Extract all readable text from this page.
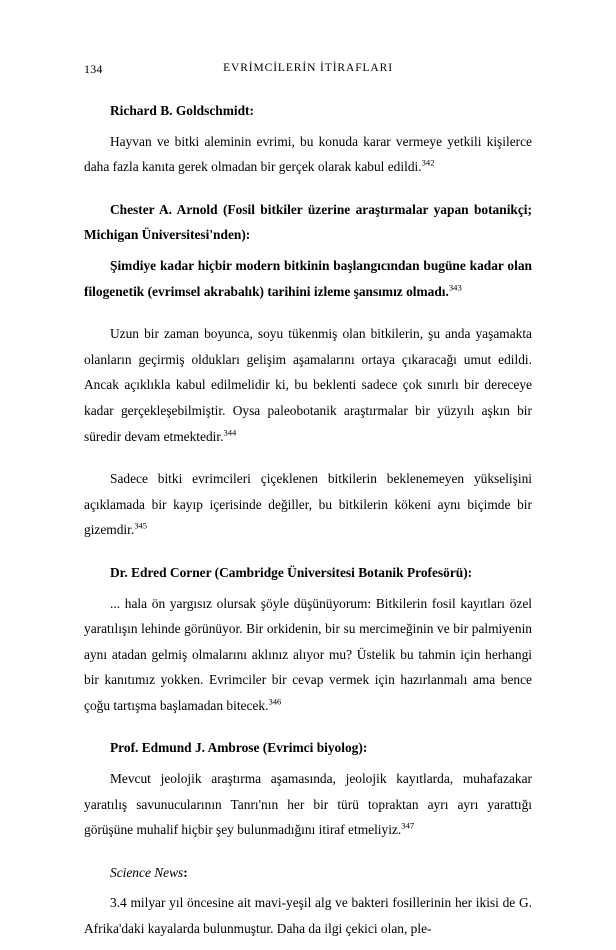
134	EVRİMCİLERİN İTİRAFLARI
Richard B. Goldschmidt:

Hayvan ve bitki aleminin evrimi, bu konuda karar vermeye yetkili kişilerce daha fazla kanıta gerek olmadan bir gerçek olarak kabul edildi.$^{342}$

Chester A. Arnold (Fosil bitkiler üzerine araştırmalar yapan botanikçi; Michigan Üniversitesi'nden):

Şimdiye kadar hiçbir modern bitkinin başlangıcından bugüne kadar olan filogenetik (evrimsel akrabalık) tarihini izleme şansımız olmadı.$^{343}$

Uzun bir zaman boyunca, soyu tükenmiş olan bitkilerin, şu anda yaşamakta olanların geçirmiş oldukları gelişim aşamalarını ortaya çıkaracağı umut edildi. Ancak açıklıkla kabul edilmelidir ki, bu beklenti sadece çok sınırlı bir dereceye kadar gerçekleşebilmiştir. Oysa paleobotanik araştırmalar bir yüzyılı aşkın bir süredir devam etmektedir.$^{344}$

Sadece bitki evrimcileri çiçeklenen bitkilerin beklenemeyen yükselişini açıklamada bir kayıp içerisinde değiller, bu bitkilerin kökeni aynı biçimde bir gizemdir.$^{345}$

Dr. Edred Corner (Cambridge Üniversitesi Botanik Profesörü):

... hala ön yargısız olursak şöyle düşünüyorum: Bitkilerin fosil kayıtları özel yaratılışın lehinde görünüyor. Bir orkidenin, bir su mercimeğinin ve bir palmiyenin aynı atadan gelmiş olmalarını aklınız alıyor mu? Üstelik bu tahmin için herhangi bir kanıtımız yokken. Evrimciler bir cevap vermek için hazırlanmalı ama bence çoğu tartışma başlamadan bitecek.$^{346}$

Prof. Edmund J. Ambrose (Evrimci biyolog):

Mevcut jeolojik araştırma aşamasında, jeolojik kayıtlarda, muhafazakar yaratılış savunucularının Tanrı'nın her bir türü topraktan ayrı ayrı yarattığı görüşüne muhalif hiçbir şey bulunmadığını itiraf etmeliyiz.$^{347}$

Science News:

3.4 milyar yıl öncesine ait mavi-yeşil alg ve bakteri fosillerinin her ikisi de G. Afrika'daki kayalarda bulunmuştur. Daha da ilgi çekici olan, ple-
